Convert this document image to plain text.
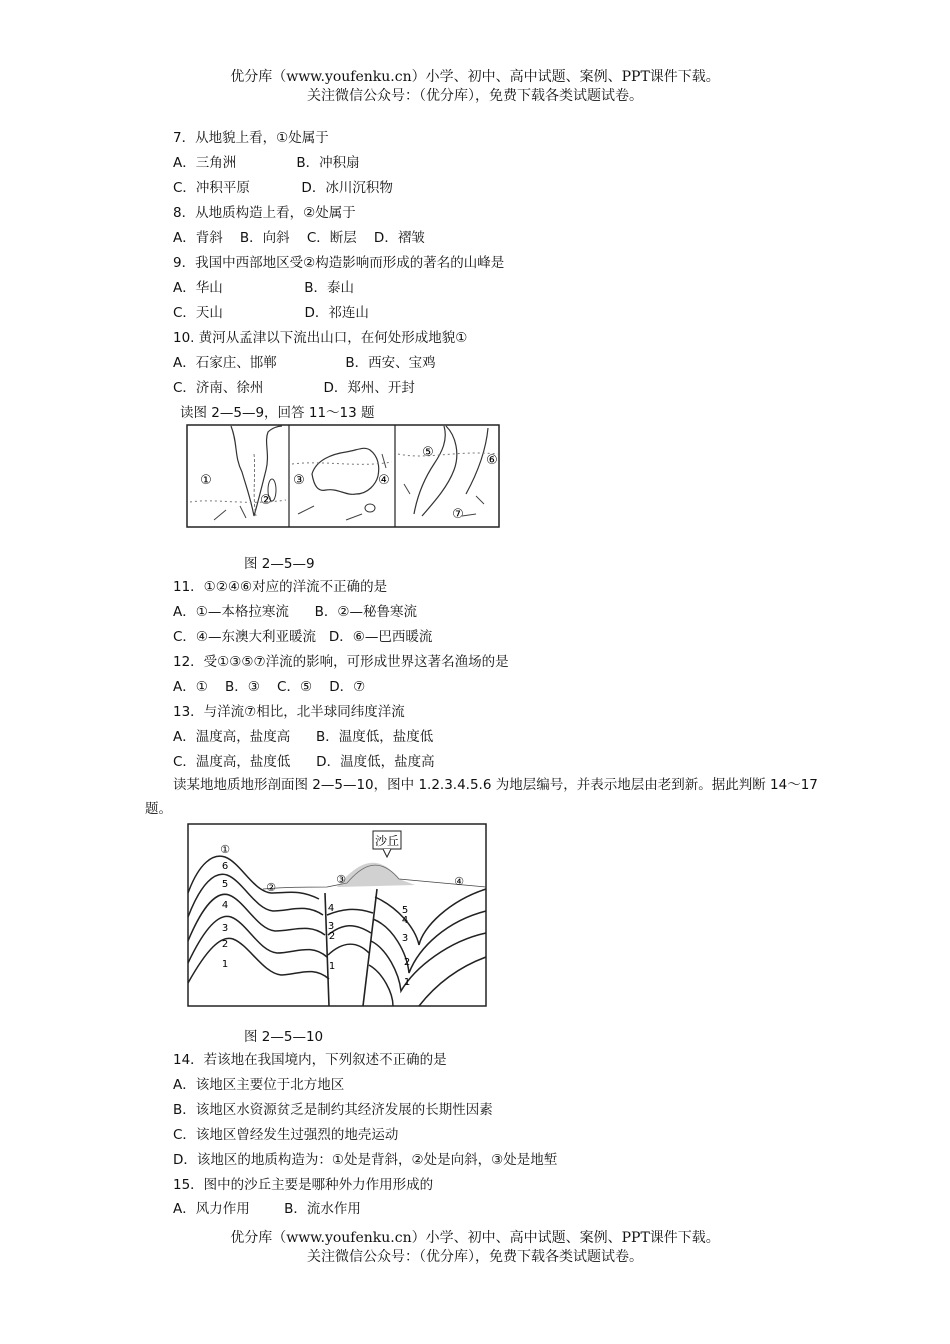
优分库（www.youfenku.cn）小学、初中、高中试题、案例、PPT课件下载。
关注微信公众号：（优分库），免费下载各类试题试卷。
7．从地貌上看，①处属于
A．三角洲              B．冲积扇
C．冲积平原            D．冰川沉积物
8．从地质构造上看，②处属于
A．背斜    B．向斜    C．断层    D．褶皱
9．我国中西部地区受②构造影响而形成的著名的山峰是
A．华山                   B．泰山
C．天山                   D．祁连山
10. 黄河从孟津以下流出山口，在何处形成地貌①
A．石家庄、邯郸                B．西安、宝鸡
C．济南、徐州              D．郑州、开封
读图 2—5—9，回答 11～13 题
①
②
③	④
⑤
⑥
⑦
图 2—5—9
11．①②④⑥对应的洋流不正确的是
A．①—本格拉寒流      B．②—秘鲁寒流
C．④—东澳大利亚暖流   D．⑥—巴西暖流
12．受①③⑤⑦洋流的影响，可形成世界这著名渔场的是
A．①    B．③    C．⑤    D．⑦
13．与洋流⑦相比，北半球同纬度洋流
A．温度高，盐度高      B．温度低，盐度低
C．温度高，盐度低      D．温度低，盐度高
读某地地质地形剖面图 2—5—10，图中 1.2.3.4.5.6 为地层编号，并表示地层由老到新。据此判断 14～17 题。
沙丘
①
②
③	④
6
5
4
3
2
1
4
3
2
1
5
4
3
2
1
图 2—5—10
14．若该地在我国境内，下列叙述不正确的是
A．该地区主要位于北方地区
B．该地区水资源贫乏是制约其经济发展的长期性因素
C．该地区曾经发生过强烈的地壳运动
D．该地区的地质构造为：①处是背斜，②处是向斜，③处是地堑
15．图中的沙丘主要是哪种外力作用形成的
A．风力作用        B．流水作用
优分库（www.youfenku.cn）小学、初中、高中试题、案例、PPT课件下载。
关注微信公众号：（优分库），免费下载各类试题试卷。
